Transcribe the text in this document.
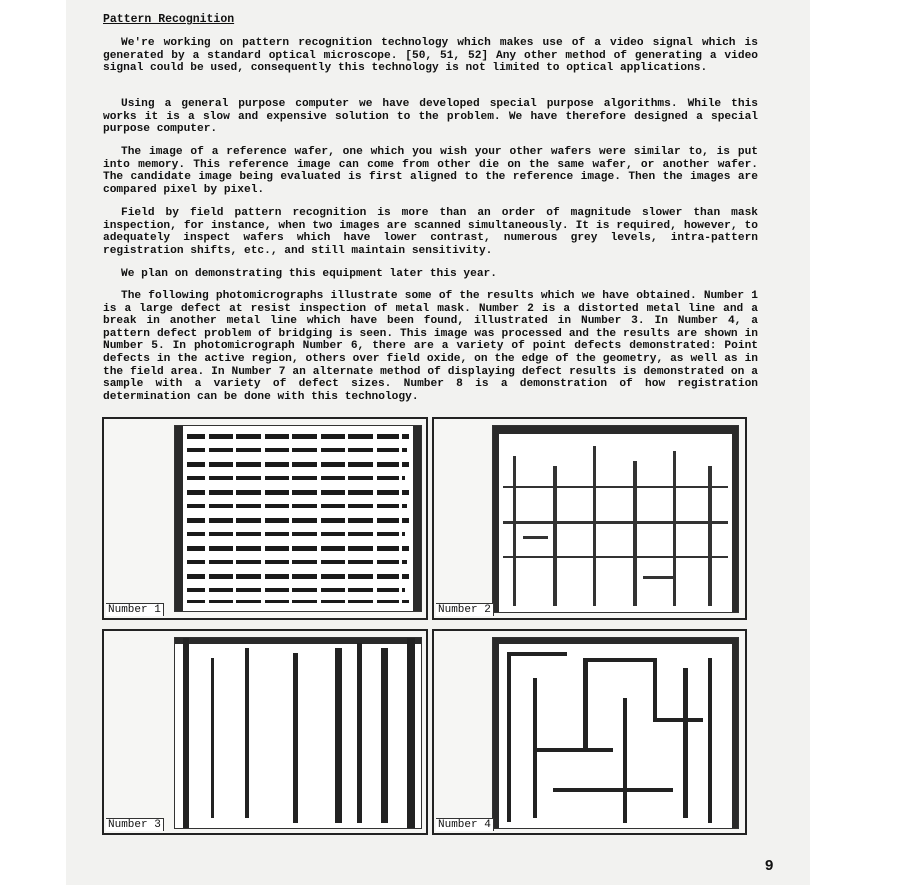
Pattern Recognition
We're working on pattern recognition technology which makes use of a video signal which is generated by a standard optical microscope. [50, 51, 52] Any other method of generating a video signal could be used, consequently this technology is not limited to optical applications.
Using a general purpose computer we have developed special purpose algorithms. While this works it is a slow and expensive solution to the problem. We have therefore designed a special purpose computer.
The image of a reference wafer, one which you wish your other wafers were similar to, is put into memory. This reference image can come from other die on the same wafer, or another wafer. The candidate image being evaluated is first aligned to the reference image. Then the images are compared pixel by pixel.
Field by field pattern recognition is more than an order of magnitude slower than mask inspection, for instance, when two images are scanned simultaneously. It is required, however, to adequately inspect wafers which have lower contrast, numerous grey levels, intra-pattern registration shifts, etc., and still maintain sensitivity.
We plan on demonstrating this equipment later this year.
The following photomicrographs illustrate some of the results which we have obtained. Number 1 is a large defect at resist inspection of metal mask. Number 2 is a distorted metal line and a break in another metal line which have been found, illustrated in Number 3. In Number 4, a pattern defect problem of bridging is seen. This image was processed and the results are shown in Number 5. In photomicrograph Number 6, there are a variety of point defects demonstrated: Point defects in the active region, others over field oxide, on the edge of the geometry, as well as in the field area. In Number 7 an alternate method of displaying defect results is demonstrated on a sample with a variety of defect sizes. Number 8 is a demonstration of how registration determination can be done with this technology.
Number 1	Number 2
Number 3	Number 4
9
